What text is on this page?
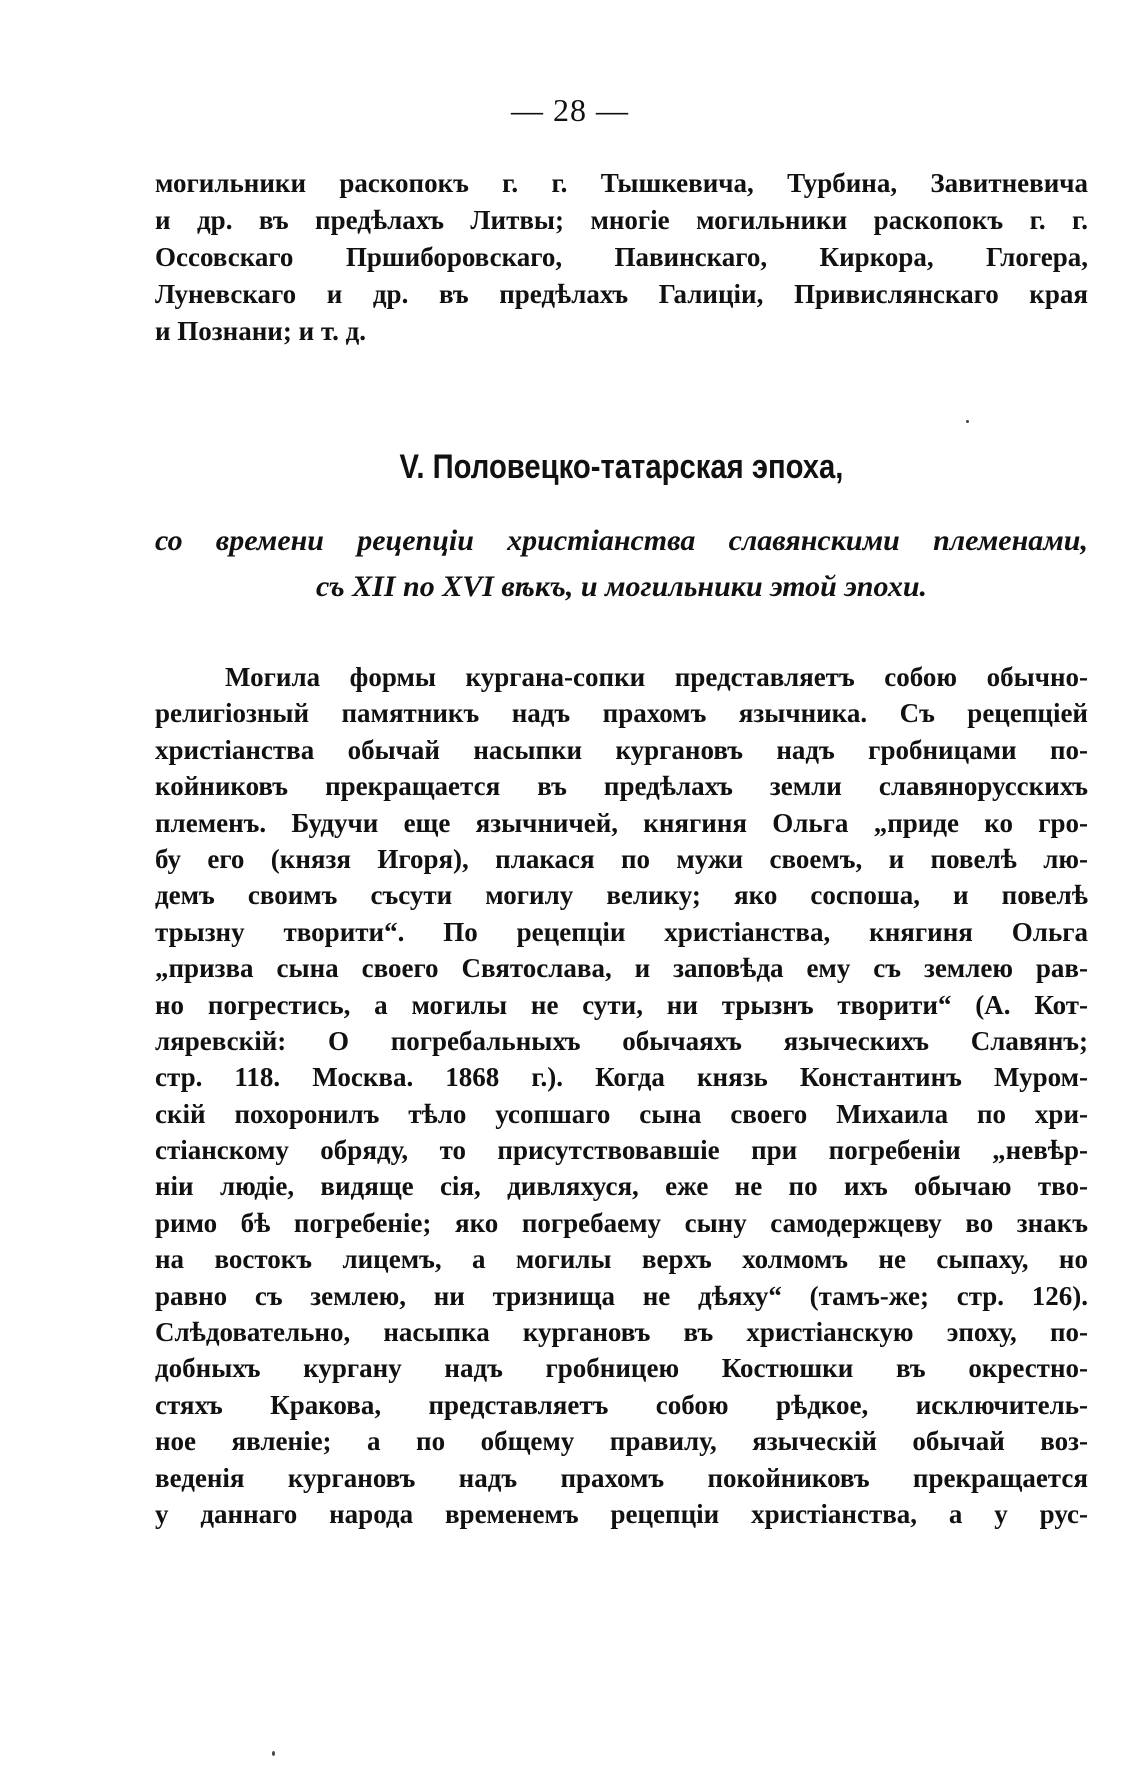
— 28 —
могильники раскопокъ г. г. Тышкевича, Турбина, Завитневича
и др. въ предѣлахъ Литвы; многіе могильники раскопокъ г. г.
Оссовскаго Пршиборовскаго, Павинскаго, Киркора, Глогера,
Луневскаго и др. въ предѣлахъ Галиціи, Привислянскаго края
и Познани; и т. д.
V. Половецко-татарская эпоха,
со времени рецепціи христіанства славянскими племенами,
съ XII по XVI вѣкъ, и могильники этой эпохи.
Могила формы кургана-сопки представляетъ собою обычно-
религіозный памятникъ надъ прахомъ язычника. Съ рецепціей
христіанства обычай насыпки кургановъ надъ гробницами по-
койниковъ прекращается въ предѣлахъ земли славянорусскихъ
племенъ. Будучи еще язычничей, княгиня Ольга „приде ко гро-
бу его (князя Игоря), плакася по мужи своемъ, и повелѣ лю-
демъ своимъ съсути могилу велику; яко соспоша, и повелѣ
трызну творити“. По рецепціи христіанства, княгиня Ольга
„призва сына своего Святослава, и заповѣда ему съ землею рав-
но погрестись, а могилы не сути, ни трызнъ творити“ (А. Кот-
ляревскій: О погребальныхъ обычаяхъ языческихъ Славянъ;
стр. 118. Москва. 1868 г.). Когда князь Константинъ Муром-
скій похоронилъ тѣло усопшаго сына своего Михаила по хри-
стіанскому обряду, то присутствовавшіе при погребеніи „невѣр-
ніи людіе, видяще сія, дивляхуся, еже не по ихъ обычаю тво-
римо бѣ погребеніе; яко погребаему сыну самодержцеву во знакъ
на востокъ лицемъ, а могилы верхъ холмомъ не сыпаху, но
равно съ землею, ни тризнища не дѣяху“ (тамъ-же; стр. 126).
Слѣдовательно, насыпка кургановъ въ христіанскую эпоху, по-
добныхъ кургану надъ гробницею Костюшки въ окрестно-
стяхъ Кракова, представляетъ собою рѣдкое, исключитель-
ное явленіе; а по общему правилу, языческій обычай воз-
веденія кургановъ надъ прахомъ покойниковъ прекращается
у даннаго народа временемъ рецепціи христіанства, а у рус-
